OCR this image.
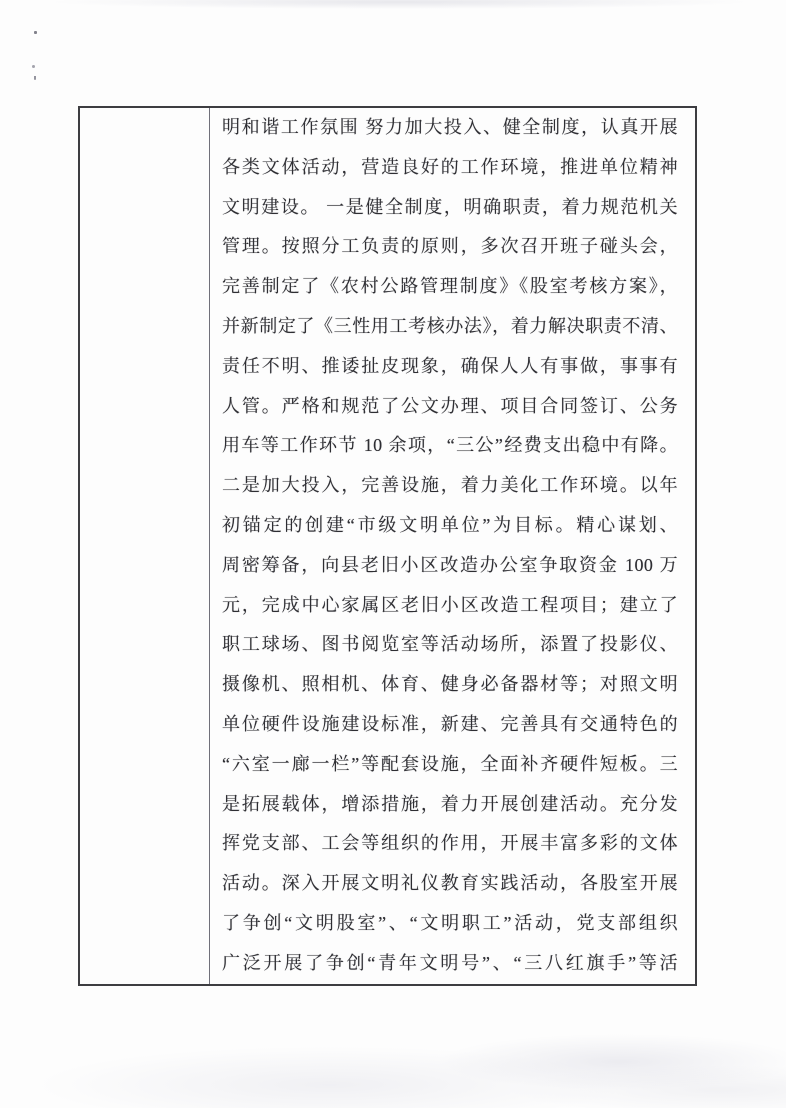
明和谐工作氛围 努力加大投入、健全制度，认真开展
各类文体活动，营造良好的工作环境，推进单位精神
文明建设。 一是健全制度，明确职责，着力规范机关
管理。按照分工负责的原则，多次召开班子碰头会，
完善制定了《农村公路管理制度》《股室考核方案》，
并新制定了《三性用工考核办法》，着力解决职责不清、
责任不明、推诿扯皮现象，确保人人有事做，事事有
人管。严格和规范了公文办理、项目合同签订、公务
用车等工作环节 10 余项，“三公”经费支出稳中有降。
二是加大投入，完善设施，着力美化工作环境。以年
初锚定的创建“市级文明单位”为目标。精心谋划、
周密筹备，向县老旧小区改造办公室争取资金 100 万
元，完成中心家属区老旧小区改造工程项目；建立了
职工球场、图书阅览室等活动场所，添置了投影仪、
摄像机、照相机、体育、健身必备器材等；对照文明
单位硬件设施建设标准，新建、完善具有交通特色的
“六室一廊一栏”等配套设施，全面补齐硬件短板。三
是拓展载体，增添措施，着力开展创建活动。充分发
挥党支部、工会等组织的作用，开展丰富多彩的文体
活动。深入开展文明礼仪教育实践活动，各股室开展
了争创“文明股室”、“文明职工”活动，党支部组织
广泛开展了争创“青年文明号”、“三八红旗手”等活
